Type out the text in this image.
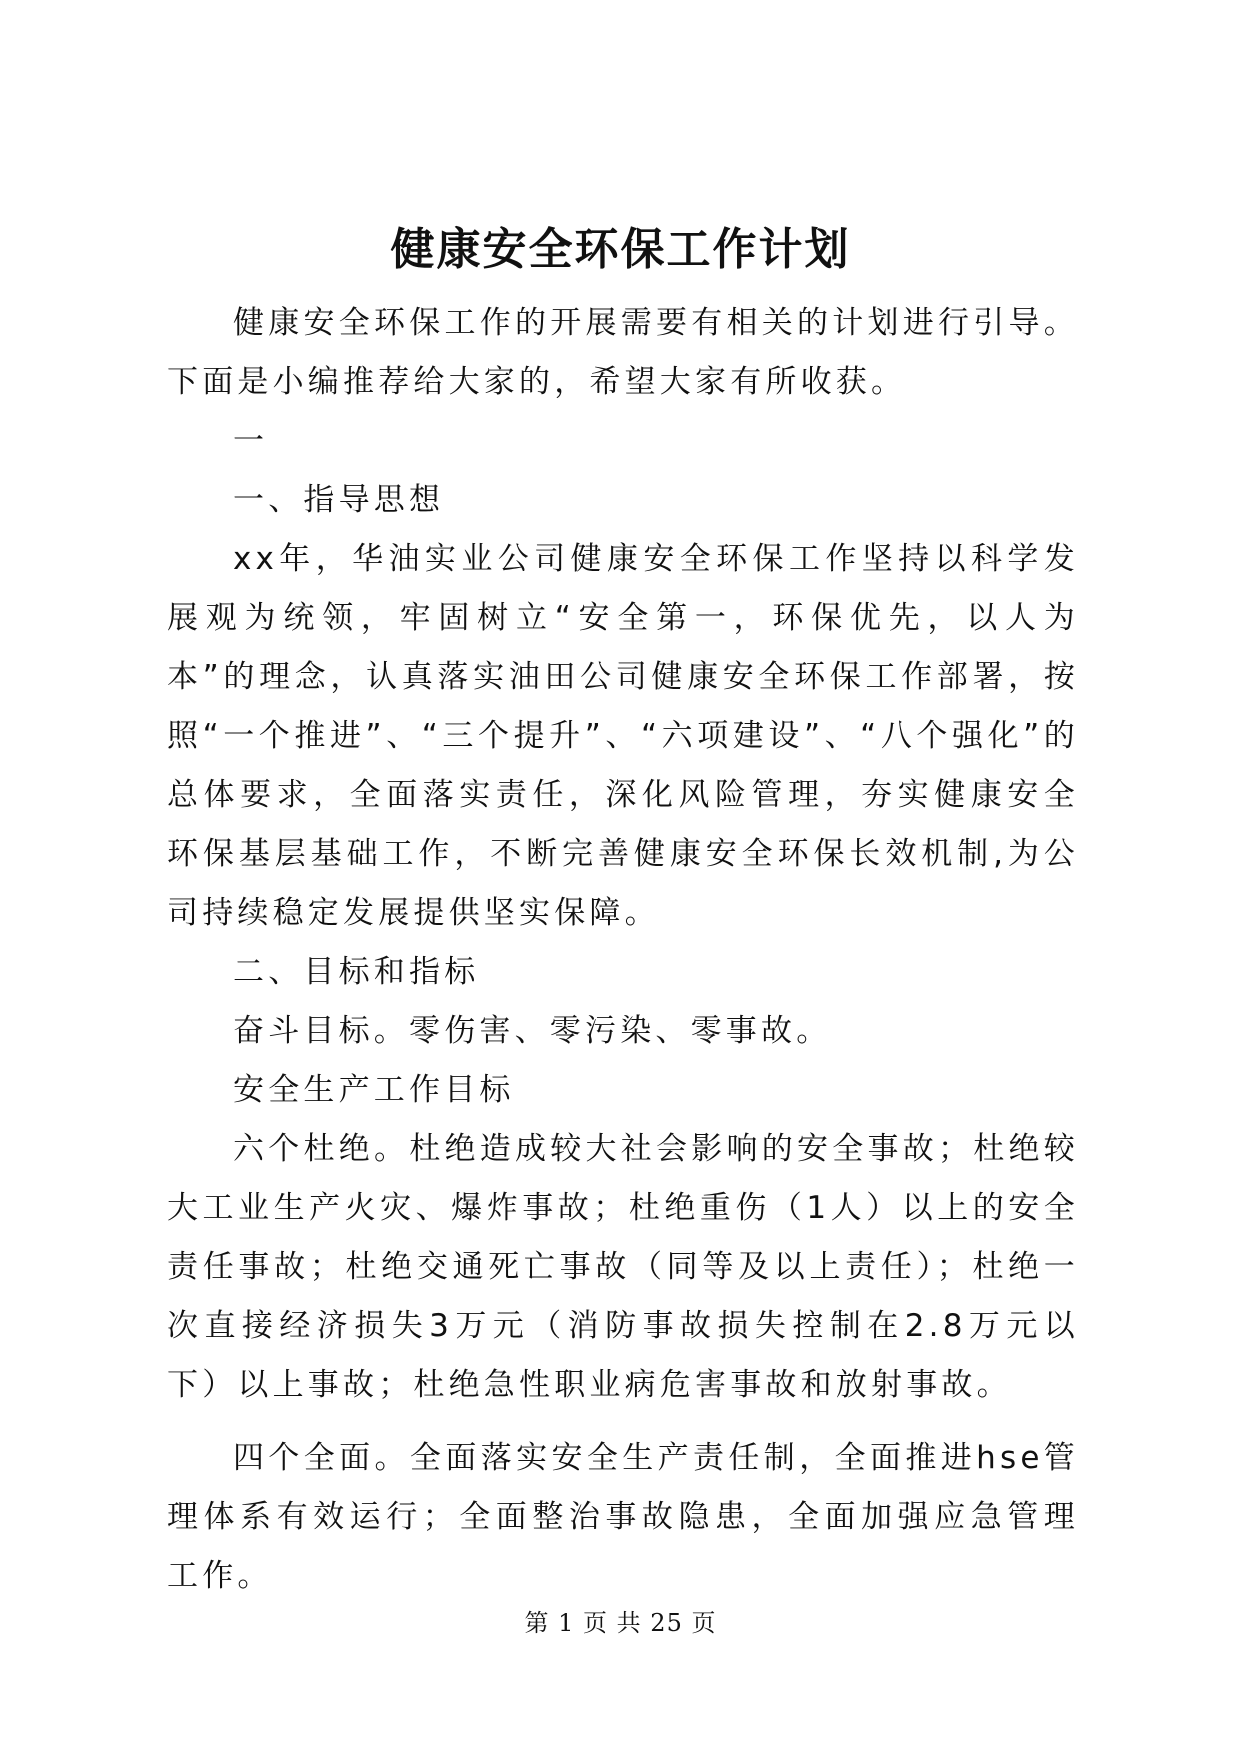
健康安全环保工作计划

健康安全环保工作的开展需要有相关的计划进行引导。下面是小编推荐给大家的，希望大家有所收获。

一

一、指导思想

xx年，华油实业公司健康安全环保工作坚持以科学发展观为统领，牢固树立“安全第一，环保优先，以人为本”的理念，认真落实油田公司健康安全环保工作部署，按照“一个推进”、“三个提升”、“六项建设”、“八个强化”的总体要求，全面落实责任，深化风险管理，夯实健康安全环保基层基础工作，不断完善健康安全环保长效机制,为公司持续稳定发展提供坚实保障。

二、目标和指标

奋斗目标。零伤害、零污染、零事故。

安全生产工作目标

六个杜绝。杜绝造成较大社会影响的安全事故；杜绝较大工业生产火灾、爆炸事故；杜绝重伤（1人）以上的安全责任事故；杜绝交通死亡事故（同等及以上责任）；杜绝一次直接经济损失3万元（消防事故损失控制在2.8万元以下）以上事故；杜绝急性职业病危害事故和放射事故。

四个全面。全面落实安全生产责任制，全面推进hse管理体系有效运行；全面整治事故隐患，全面加强应急管理工作。

第 1 页 共 25 页
